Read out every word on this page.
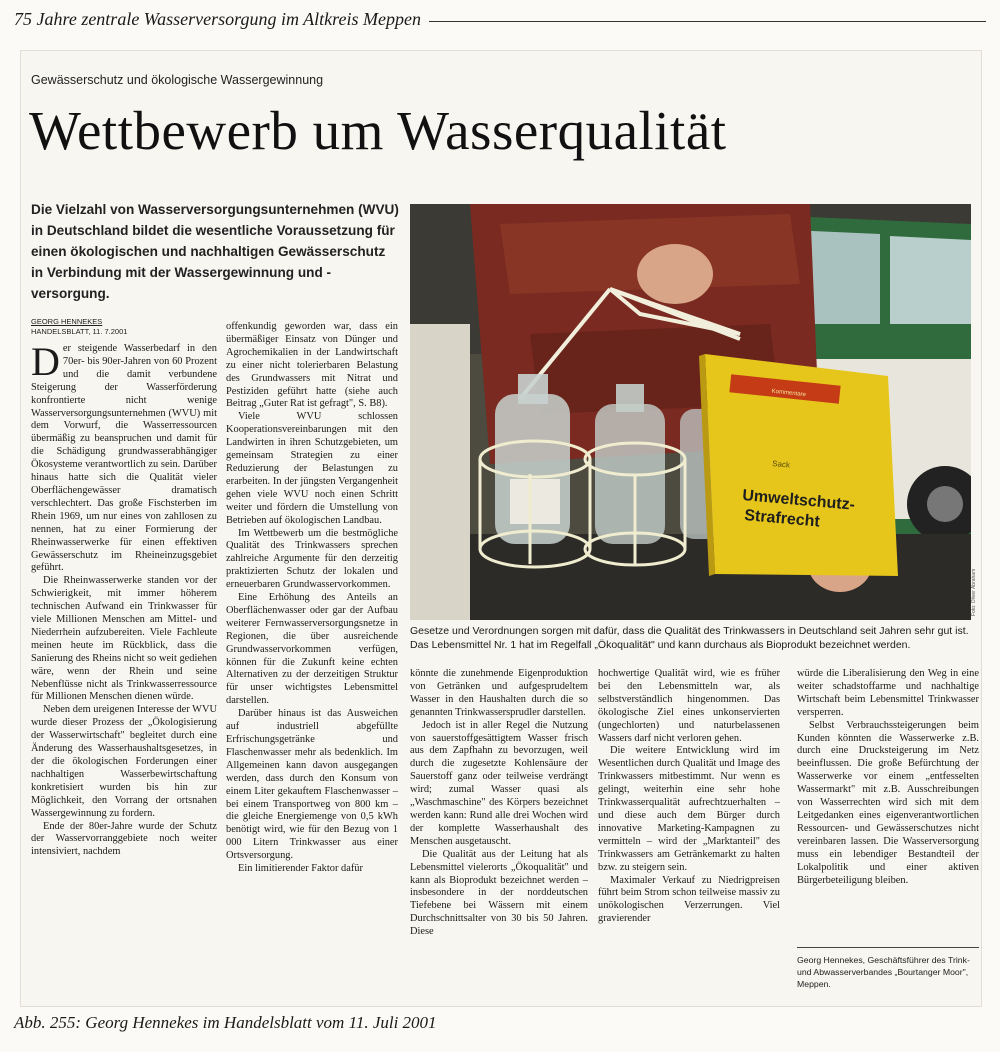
75 Jahre zentrale Wasserversorgung im Altkreis Meppen
Gewässerschutz und ökologische Wassergewinnung
Wettbewerb um Wasserqualität
Die Vielzahl von Wasserversorgungsunternehmen (WVU) in Deutschland bildet die wesentliche Voraussetzung für einen ökologischen und nachhaltigen Gewässerschutz in Verbindung mit der Wassergewinnung und -versorgung.
GEORG HENNEKES
HANDELSBLATT, 11. 7.2001

Der steigende Wasserbedarf in den 70er- bis 90er-Jahren von 60 Prozent und die damit verbundene Steigerung der Wasserförderung konfrontierte nicht wenige Wasserversorgungsunternehmen (WVU) mit dem Vorwurf, die Wasserressourcen übermäßig zu beanspruchen und damit für die Schädigung grundwasserabhängiger Ökosysteme verantwortlich zu sein. Darüber hinaus hatte sich die Qualität vieler Oberflächengewässer dramatisch verschlechtert. Das große Fischsterben im Rhein 1969, um nur eines von zahllosen zu nennen, hat zu einer Formierung der Rheinwasserwerke für einen effektiven Gewässerschutz im Rheineinzugsgebiet geführt.

Die Rheinwasserwerke standen vor der Schwierigkeit, mit immer höherem technischen Aufwand ein Trinkwasser für viele Millionen Menschen am Mittel- und Niederrhein aufzubereiten. Viele Fachleute meinen heute im Rückblick, dass die Sanierung des Rheins nicht so weit gediehen wäre, wenn der Rhein und seine Nebenflüsse nicht als Trinkwasserressource für Millionen Menschen dienen würde.

Neben dem ureigenen Interesse der WVU wurde dieser Prozess der „Ökologisierung der Wasserwirtschaft" begleitet durch eine Änderung des Wasserhaushaltsgesetzes, in der die ökologischen Forderungen einer nachhaltigen Wasserbewirtschaftung konkretisiert wurden bis hin zur Möglichkeit, den Vorrang der ortsnahen Wassergewinnung zu fordern.

Ende der 80er-Jahre wurde der Schutz der Wasservorranggebiete noch weiter intensiviert, nachdem

offenkundig geworden war, dass ein übermäßiger Einsatz von Dünger und Agrochemikalien in der Landwirtschaft zu einer nicht tolerierbaren Belastung des Grundwassers mit Nitrat und Pestiziden geführt hatte (siehe auch Beitrag „Guter Rat ist gefragt", S. B8).

Viele WVU schlossen Kooperationsvereinbarungen mit den Landwirten in ihren Schutzgebieten, um gemeinsam Strategien zu einer Reduzierung der Belastungen zu erarbeiten. In der jüngsten Vergangenheit gehen viele WVU noch einen Schritt weiter und fördern die Umstellung von Betrieben auf ökologischen Landbau.

Im Wettbewerb um die bestmögliche Qualität des Trinkwassers sprechen zahlreiche Argumente für den derzeitig praktizierten Schutz der lokalen und erneuerbaren Grundwasservorkommen.

Eine Erhöhung des Anteils an Oberflächenwasser oder gar der Aufbau weiterer Fernwasserversorgungsnetze in Regionen, die über ausreichende Grundwasservorkommen verfügen, können für die Zukunft keine echten Alternativen zu der derzeitigen Struktur für unser wichtigstes Lebensmittel darstellen.

Darüber hinaus ist das Ausweichen auf industriell abgefüllte Erfrischungsgetränke und Flaschenwasser mehr als bedenklich. Im Allgemeinen kann davon ausgegangen werden, dass durch den Konsum von einem Liter gekauftem Flaschenwasser – bei einem Transportweg von 800 km – die gleiche Energiemenge von 0,5 kWh benötigt wird, wie für den Bezug von 1 000 Litern Trinkwasser aus einer Ortsversorgung.

Ein limitierender Faktor dafür

Kommentare
Sack
Umweltschutz-
Strafrecht
Foto: Oliver Abraham
Gesetze und Verordnungen sorgen mit dafür, dass die Qualität des Trinkwassers in Deutschland seit Jahren sehr gut ist. Das Lebensmittel Nr. 1 hat im Regelfall „Ökoqualität" und kann durchaus als Bioprodukt bezeichnet werden.

könnte die zunehmende Eigenproduktion von Getränken und aufgesprudeltem Wasser in den Haushalten durch die so genannten Trinkwassersprudler darstellen.

Jedoch ist in aller Regel die Nutzung von sauerstoffgesättigtem Wasser frisch aus dem Zapfhahn zu bevorzugen, weil durch die zugesetzte Kohlensäure der Sauerstoff ganz oder teilweise verdrängt wird; zumal Wasser quasi als „Waschmaschine" des Körpers bezeichnet werden kann: Rund alle drei Wochen wird der komplette Wasserhaushalt des Menschen ausgetauscht.

Die Qualität aus der Leitung hat als Lebensmittel vielerorts „Ökoqualität" und kann als Bioprodukt bezeichnet werden – insbesondere in der norddeutschen Tiefebene bei Wässern mit einem Durchschnittsalter von 30 bis 50 Jahren. Diese

hochwertige Qualität wird, wie es früher bei den Lebensmitteln war, als selbstverständlich hingenommen. Das ökologische Ziel eines unkonservierten (ungechlorten) und naturbelassenen Wassers darf nicht verloren gehen.

Die weitere Entwicklung wird im Wesentlichen durch Qualität und Image des Trinkwassers mitbestimmt. Nur wenn es gelingt, weiterhin eine sehr hohe Trinkwasserqualität aufrechtzuerhalten – und diese auch dem Bürger durch innovative Marketing-Kampagnen zu vermitteln – wird der „Marktanteil" des Trinkwassers am Getränkemarkt zu halten bzw. zu steigern sein.

Maximaler Verkauf zu Niedrigpreisen führt beim Strom schon teilweise massiv zu unökologischen Verzerrungen. Viel gravierender

würde die Liberalisierung den Weg in eine weiter schadstoffarme und nachhaltige Wirtschaft beim Lebensmittel Trinkwasser versperren.

Selbst Verbrauchssteigerungen beim Kunden könnten die Wasserwerke z.B. durch eine Drucksteigerung im Netz beeinflussen. Die große Befürchtung der Wasserwerke vor einem „entfesselten Wassermarkt" mit z.B. Ausschreibungen von Wasserrechten wird sich mit dem Leitgedanken eines eigenverantwortlichen Ressourcen- und Gewässerschutzes nicht vereinbaren lassen. Die Wasserversorgung muss ein lebendiger Bestandteil der Lokalpolitik und einer aktiven Bürgerbeteiligung bleiben.

Georg Hennekes, Geschäftsführer des Trink- und Abwasserverbandes „Bourtanger Moor", Meppen.
Abb. 255: Georg Hennekes im Handelsblatt vom 11. Juli 2001
